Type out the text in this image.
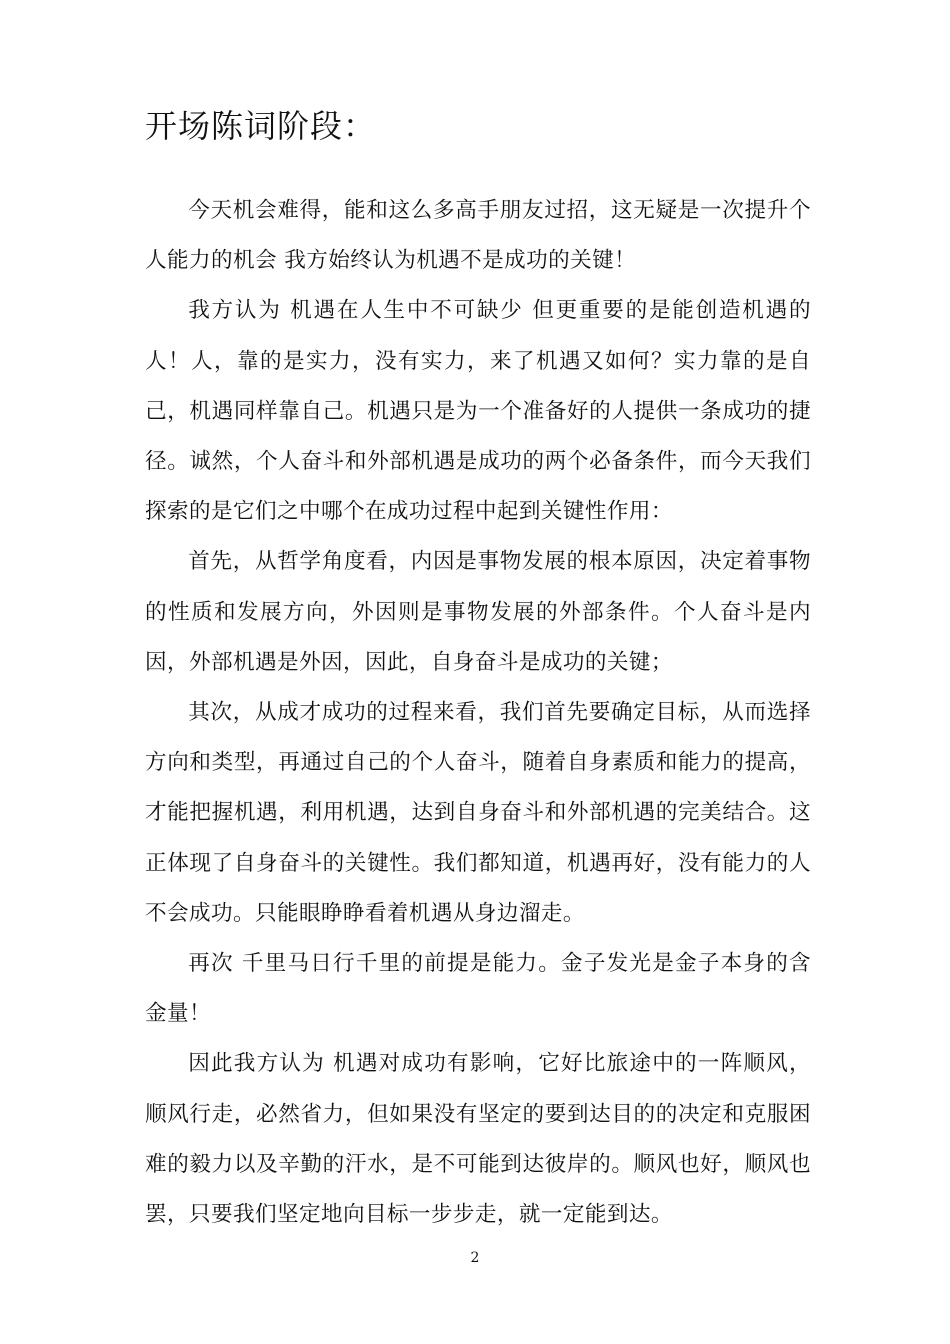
开场陈词阶段：

今天机会难得，能和这么多高手朋友过招，这无疑是一次提升个人能力的机会 我方始终认为机遇不是成功的关键！

我方认为 机遇在人生中不可缺少 但更重要的是能创造机遇的人！人，靠的是实力，没有实力，来了机遇又如何？实力靠的是自己，机遇同样靠自己。机遇只是为一个准备好的人提供一条成功的捷径。诚然，个人奋斗和外部机遇是成功的两个必备条件，而今天我们探索的是它们之中哪个在成功过程中起到关键性作用：

首先，从哲学角度看，内因是事物发展的根本原因，决定着事物的性质和发展方向，外因则是事物发展的外部条件。个人奋斗是内因，外部机遇是外因，因此，自身奋斗是成功的关键；

其次，从成才成功的过程来看，我们首先要确定目标，从而选择方向和类型，再通过自己的个人奋斗，随着自身素质和能力的提高，才能把握机遇，利用机遇，达到自身奋斗和外部机遇的完美结合。这正体现了自身奋斗的关键性。我们都知道，机遇再好，没有能力的人不会成功。只能眼睁睁看着机遇从身边溜走。

再次 千里马日行千里的前提是能力。金子发光是金子本身的含金量！

因此我方认为 机遇对成功有影响，它好比旅途中的一阵顺风，顺风行走，必然省力，但如果没有坚定的要到达目的的决定和克服困难的毅力以及辛勤的汗水，是不可能到达彼岸的。顺风也好，顺风也罢，只要我们坚定地向目标一步步走，就一定能到达。

2
